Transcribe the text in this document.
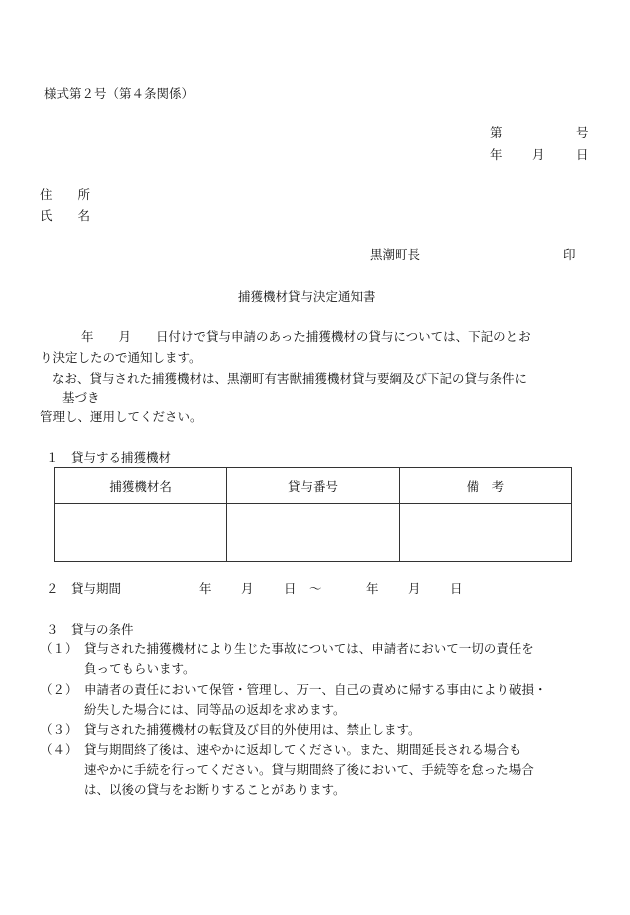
様式第２号（第４条関係）
第	号
年 月	日
住　　所
氏　　名
黒潮町長	印
捕獲機材貸与決定通知書
　　年　　月　　日付けで貸与申請のあった捕獲機材の貸与については、下記のとお
り決定したので通知します。
なお、貸与された捕獲機材は、黒潮町有害獣捕獲機材貸与要綱及び下記の貸与条件に
基づき
管理し、運用してください。
１　貸与する捕獲機材
捕獲機材名	貸与番号	備　考

２　貸与期間	年 月 日 ～	年 月 日
３　貸与の条件
（１） 貸与された捕獲機材により生じた事故については、申請者において一切の責任を
負ってもらいます。
（２） 申請者の責任において保管・管理し、万一、自己の責めに帰する事由により破損・
紛失した場合には、同等品の返却を求めます。
（３） 貸与された捕獲機材の転貸及び目的外使用は、禁止します。
（４） 貸与期間終了後は、速やかに返却してください。また、期間延長される場合も
速やかに手続を行ってください。貸与期間終了後において、手続等を怠った場合
は、以後の貸与をお断りすることがあります。
